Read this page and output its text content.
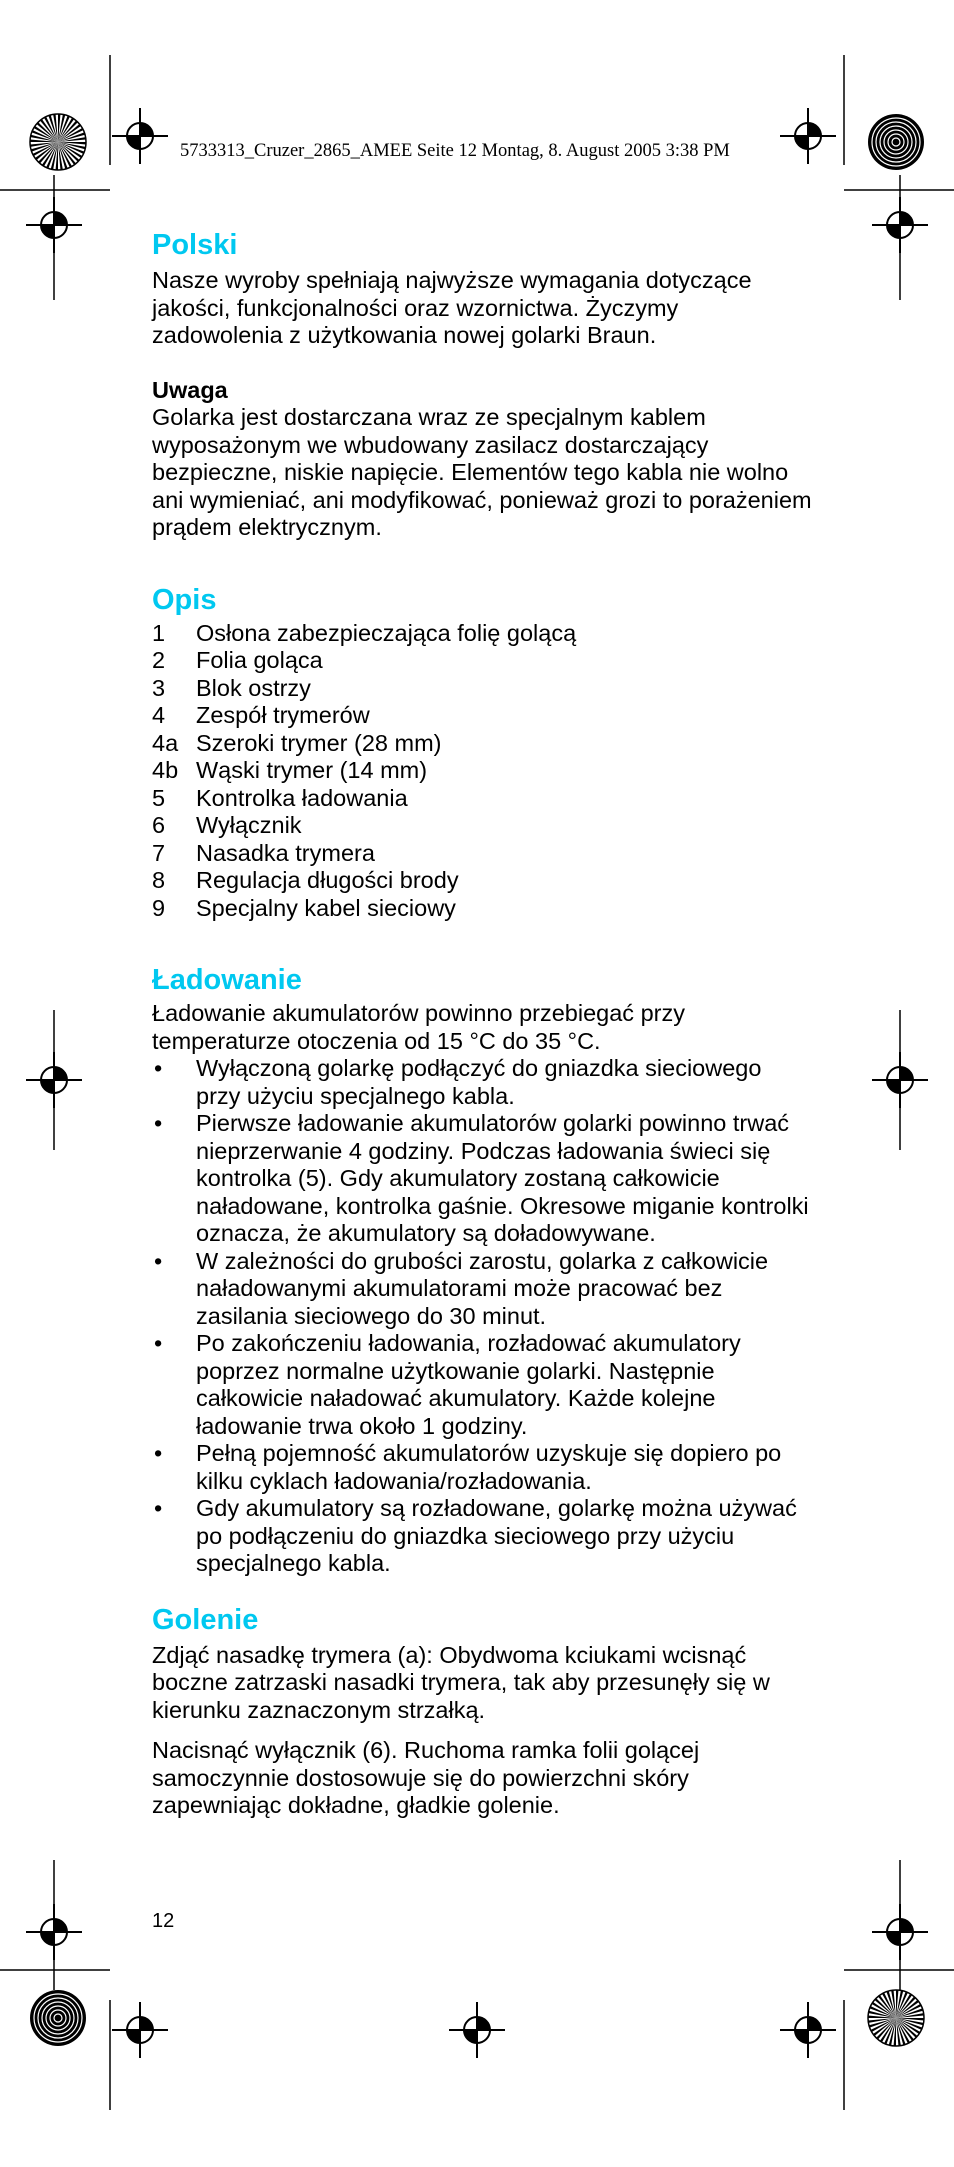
5733313_Cruzer_2865_AMEE Seite 12 Montag, 8. August 2005 3:38 PM
Polski

Nasze wyroby spełniają najwyższe wymagania dotyczące jakości, funkcjonalności oraz wzornictwa. Życzymy zadowolenia z użytkowania nowej golarki Braun.

Uwaga

Golarka jest dostarczana wraz ze specjalnym kablem wyposażonym we wbudowany zasilacz dostarczający bezpieczne, niskie napięcie. Elementów tego kabla nie wolno ani wymieniać, ani modyfikować, ponieważ grozi to porażeniem prądem elektrycznym.

Opis
1	Osłona zabezpieczająca folię golącą
2	Folia goląca
3	Blok ostrzy
4	Zespół trymerów
4a Szeroki trymer (28 mm)
4b Wąski trymer (14 mm)
5	Kontrolka ładowania
6	Wyłącznik
7	Nasadka trymera
8	Regulacja długości brody
9	Specjalny kabel sieciowy
Ładowanie

Ładowanie akumulatorów powinno przebiegać przy temperaturze otoczenia od 15 °C do 35 °C.

•	Wyłączoną golarkę podłączyć do gniazdka sieciowego przy użyciu specjalnego kabla.
•	Pierwsze ładowanie akumulatorów golarki powinno trwać nieprzerwanie 4 godziny. Podczas ładowania świeci się kontrolka (5). Gdy akumulatory zostaną całkowicie naładowane, kontrolka gaśnie. Okresowe miganie kontrolki oznacza, że akumulatory są doładowywane.
•	W zależności do grubości zarostu, golarka z całkowicie naładowanymi akumulatorami może pracować bez zasilania sieciowego do 30 minut.
•	Po zakończeniu ładowania, rozładować akumulatory poprzez normalne użytkowanie golarki. Następnie całkowicie naładować akumulatory. Każde kolejne ładowanie trwa około 1 godziny.
•	Pełną pojemność akumulatorów uzyskuje się dopiero po kilku cyklach ładowania/rozładowania.
•	Gdy akumulatory są rozładowane, golarkę można używać po podłączeniu do gniazdka sieciowego przy użyciu specjalnego kabla.
Golenie

Zdjąć nasadkę trymera (a): Obydwoma kciukami wcisnąć boczne zatrzaski nasadki trymera, tak aby przesunęły się w kierunku zaznaczonym strzałką.

Nacisnąć wyłącznik (6). Ruchoma ramka folii golącej samoczynnie dostosowuje się do powierzchni skóry zapewniając dokładne, gładkie golenie.

12
